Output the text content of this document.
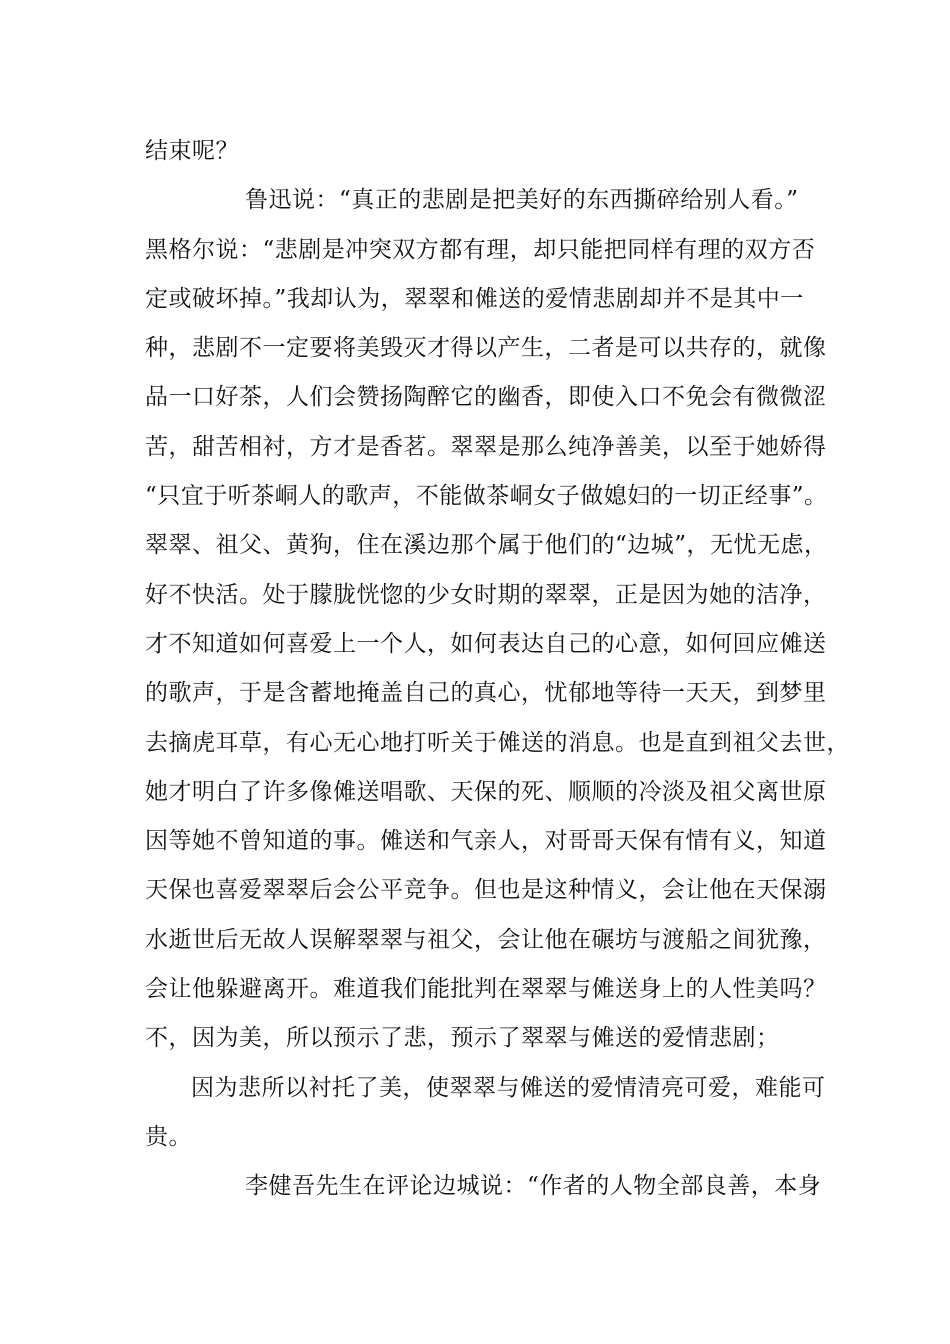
结束呢？
鲁迅说：“真正的悲剧是把美好的东西撕碎给别人看。”
黑格尔说：“悲剧是冲突双方都有理，却只能把同样有理的双方否
定或破坏掉。”我却认为，翠翠和傩送的爱情悲剧却并不是其中一
种，悲剧不一定要将美毁灭才得以产生，二者是可以共存的，就像
品一口好茶，人们会赞扬陶醉它的幽香，即使入口不免会有微微涩
苦，甜苦相衬，方才是香茗。翠翠是那么纯净善美，以至于她娇得
“只宜于听茶峒人的歌声，不能做茶峒女子做媳妇的一切正经事”。
翠翠、祖父、黄狗，住在溪边那个属于他们的“边城”，无忧无虑，
好不快活。处于朦胧恍惚的少女时期的翠翠，正是因为她的洁净，
才不知道如何喜爱上一个人，如何表达自己的心意，如何回应傩送
的歌声，于是含蓄地掩盖自己的真心，忧郁地等待一天天，到梦里
去摘虎耳草，有心无心地打听关于傩送的消息。也是直到祖父去世，
她才明白了许多像傩送唱歌、天保的死、顺顺的冷淡及祖父离世原
因等她不曾知道的事。傩送和气亲人，对哥哥天保有情有义，知道
天保也喜爱翠翠后会公平竞争。但也是这种情义，会让他在天保溺
水逝世后无故人误解翠翠与祖父，会让他在碾坊与渡船之间犹豫，
会让他躲避离开。难道我们能批判在翠翠与傩送身上的人性美吗？
不，因为美，所以预示了悲，预示了翠翠与傩送的爱情悲剧；
因为悲所以衬托了美，使翠翠与傩送的爱情清亮可爱，难能可
贵。
李健吾先生在评论边城说：“作者的人物全部良善，本身
